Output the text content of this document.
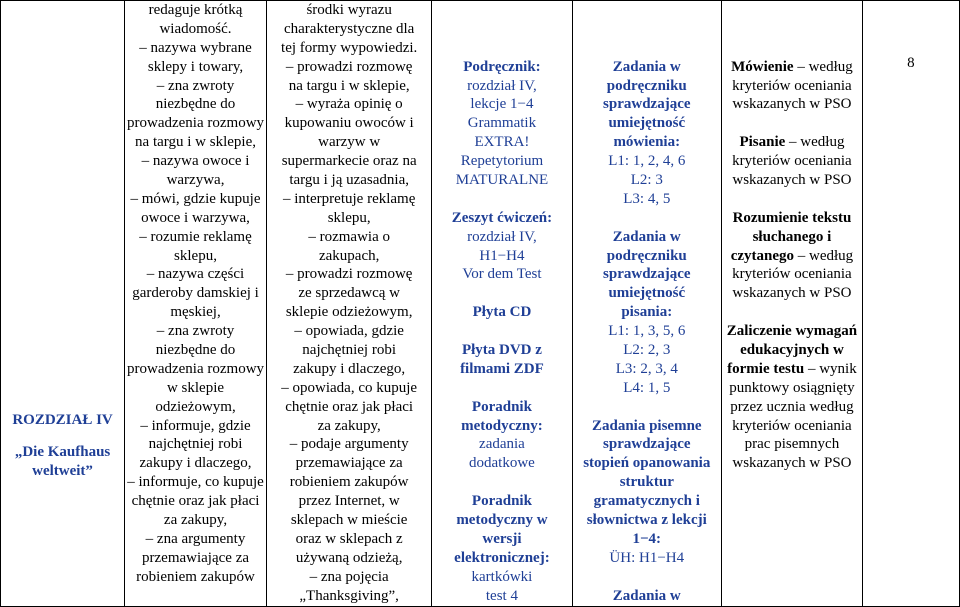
ROZDZIAŁ IV
„Die Kaufhaus
weltweit”

redaguje krótką
wiadomość.
– nazywa wybrane
sklepy i towary,
– zna zwroty
niezbędne do
prowadzenia rozmowy
na targu i w sklepie,
– nazywa owoce i
warzywa,
– mówi, gdzie kupuje
owoce i warzywa,
– rozumie reklamę
sklepu,
– nazywa części
garderoby damskiej i
męskiej,
– zna zwroty
niezbędne do
prowadzenia rozmowy
w sklepie
odzieżowym,
– informuje, gdzie
najchętniej robi
zakupy i dlaczego,
– informuje, co kupuje
chętnie oraz jak płaci
za zakupy,
– zna argumenty
przemawiające za
robieniem zakupów

środki wyrazu
charakterystyczne dla
tej formy wypowiedzi.
– prowadzi rozmowę
na targu i w sklepie,
– wyraża opinię o
kupowaniu owoców i
warzyw w
supermarkecie oraz na
targu i ją uzasadnia,
– interpretuje reklamę
sklepu,
– rozmawia o
zakupach,
– prowadzi rozmowę
ze sprzedawcą w
sklepie odzieżowym,
– opowiada, gdzie
najchętniej robi
zakupy i dlaczego,
– opowiada, co kupuje
chętnie oraz jak płaci
za zakupy,
– podaje argumenty
przemawiające za
robieniem zakupów
przez Internet, w
sklepach w mieście
oraz w sklepach z
używaną odzieżą,
– zna pojęcia
„Thanksgiving”,

Podręcznik:
rozdział IV,
lekcje 1−4
Grammatik
EXTRA!
Repetytorium
MATURALNE
Zeszyt ćwiczeń:
rozdział IV,
H1−H4
Vor dem Test
Płyta CD
Płyta DVD z
filmami ZDF
Poradnik
metodyczny:
zadania
dodatkowe
Poradnik
metodyczny w
wersji
elektronicznej:
kartkówki
test 4

Zadania w
podręczniku
sprawdzające
umiejętność
mówienia:
L1: 1, 2, 4, 6
L2: 3
L3: 4, 5
Zadania w
podręczniku
sprawdzające
umiejętność
pisania:
L1: 1, 3, 5, 6
L2: 2, 3
L3: 2, 3, 4
L4: 1, 5
Zadania pisemne
sprawdzające
stopień opanowania
struktur
gramatycznych i
słownictwa z lekcji
1−4:
ÜH: H1−H4
Zadania w

Mówienie – według
kryteriów oceniania
wskazanych w PSO
Pisanie – według
kryteriów oceniania
wskazanych w PSO
Rozumienie tekstu
słuchanego i
czytanego – według
kryteriów oceniania
wskazanych w PSO
Zaliczenie wymagań
edukacyjnych w
formie testu – wynik
punktowy osiągnięty
przez ucznia według
kryteriów oceniania
prac pisemnych
wskazanych w PSO

8
